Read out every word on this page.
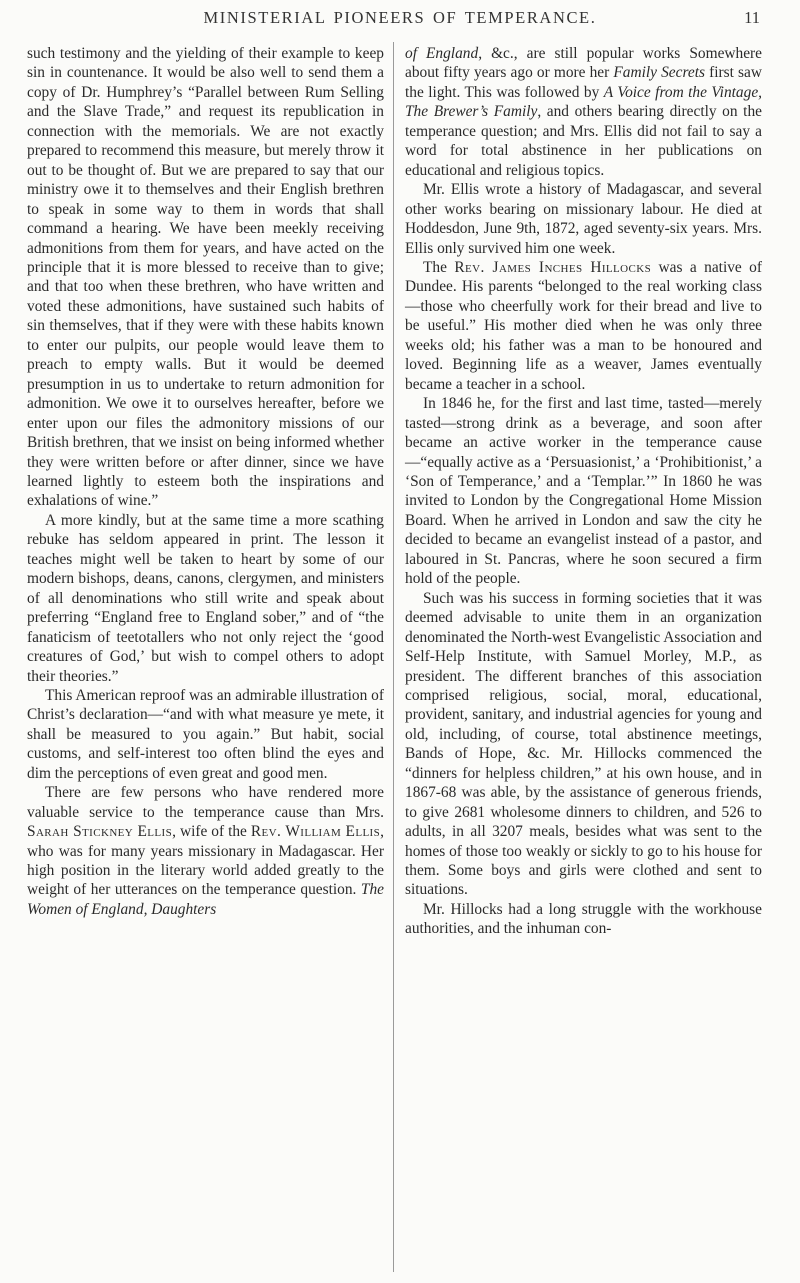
MINISTERIAL PIONEERS OF TEMPERANCE.	11

such testimony and the yielding of their example to keep sin in countenance. It would be also well to send them a copy of Dr. Humphrey’s “Parallel between Rum Selling and the Slave Trade,” and request its republication in connection with the memorials. We are not exactly prepared to recommend this measure, but merely throw it out to be thought of. But we are prepared to say that our ministry owe it to themselves and their English brethren to speak in some way to them in words that shall command a hearing. We have been meekly receiving admonitions from them for years, and have acted on the principle that it is more blessed to receive than to give; and that too when these brethren, who have written and voted these admonitions, have sustained such habits of sin themselves, that if they were with these habits known to enter our pulpits, our people would leave them to preach to empty walls. But it would be deemed presumption in us to undertake to return admonition for admonition. We owe it to ourselves hereafter, before we enter upon our files the admonitory missions of our British brethren, that we insist on being informed whether they were written before or after dinner, since we have learned lightly to esteem both the inspirations and exhalations of wine.”

A more kindly, but at the same time a more scathing rebuke has seldom appeared in print. The lesson it teaches might well be taken to heart by some of our modern bishops, deans, canons, clergymen, and ministers of all denominations who still write and speak about preferring “England free to England sober,” and of “the fanaticism of teetotallers who not only reject the ‘good creatures of God,’ but wish to compel others to adopt their theories.”

This American reproof was an admirable illustration of Christ’s declaration—“and with what measure ye mete, it shall be measured to you again.” But habit, social customs, and self-interest too often blind the eyes and dim the perceptions of even great and good men.

There are few persons who have rendered more valuable service to the temperance cause than Mrs. Sarah Stickney Ellis, wife of the Rev. William Ellis, who was for many years missionary in Madagascar. Her high position in the literary world added greatly to the weight of her utterances on the temperance question. The Women of England, Daughters

of England, &c., are still popular works Somewhere about fifty years ago or more her Family Secrets first saw the light. This was followed by A Voice from the Vintage, The Brewer’s Family, and others bearing directly on the temperance question; and Mrs. Ellis did not fail to say a word for total abstinence in her publications on educational and religious topics.

Mr. Ellis wrote a history of Madagascar, and several other works bearing on missionary labour. He died at Hoddesdon, June 9th, 1872, aged seventy-six years. Mrs. Ellis only survived him one week.

The Rev. James Inches Hillocks was a native of Dundee. His parents “belonged to the real working class—those who cheerfully work for their bread and live to be useful.” His mother died when he was only three weeks old; his father was a man to be honoured and loved. Beginning life as a weaver, James eventually became a teacher in a school.

In 1846 he, for the first and last time, tasted—merely tasted—strong drink as a beverage, and soon after became an active worker in the temperance cause—“equally active as a ‘Persuasionist,’ a ‘Prohibitionist,’ a ‘Son of Temperance,’ and a ‘Templar.’” In 1860 he was invited to London by the Congregational Home Mission Board. When he arrived in London and saw the city he decided to became an evangelist instead of a pastor, and laboured in St. Pancras, where he soon secured a firm hold of the people.

Such was his success in forming societies that it was deemed advisable to unite them in an organization denominated the North-west Evangelistic Association and Self-Help Institute, with Samuel Morley, M.P., as president. The different branches of this association comprised religious, social, moral, educational, provident, sanitary, and industrial agencies for young and old, including, of course, total abstinence meetings, Bands of Hope, &c. Mr. Hillocks commenced the “dinners for helpless children,” at his own house, and in 1867-68 was able, by the assistance of generous friends, to give 2681 wholesome dinners to children, and 526 to adults, in all 3207 meals, besides what was sent to the homes of those too weakly or sickly to go to his house for them. Some boys and girls were clothed and sent to situations.

Mr. Hillocks had a long struggle with the workhouse authorities, and the inhuman con-
